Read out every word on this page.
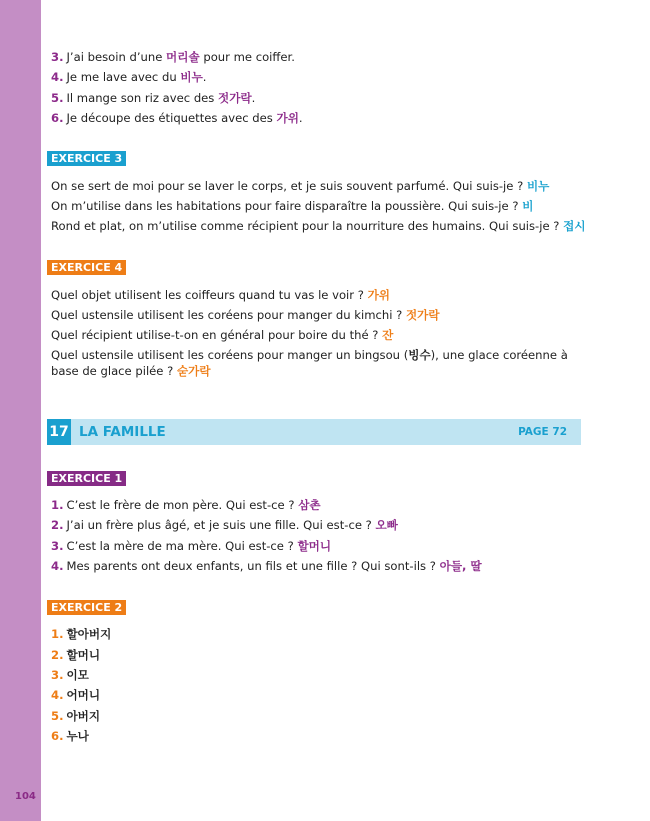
104
3. J’ai besoin d’une 머리솔 pour me coiffer.
4. Je me lave avec du 비누.
5. Il mange son riz avec des 젓가락.
6. Je découpe des étiquettes avec des 가위.
EXERCICE 3
On se sert de moi pour se laver le corps, et je suis souvent parfumé. Qui suis-je ? 비누
On m’utilise dans les habitations pour faire disparaître la poussière. Qui suis-je ? 비
Rond et plat, on m’utilise comme récipient pour la nourriture des humains. Qui suis-je ? 접시
EXERCICE 4
Quel objet utilisent les coiffeurs quand tu vas le voir ? 가위
Quel ustensile utilisent les coréens pour manger du kimchi ? 젓가락
Quel récipient utilise-t-on en général pour boire du thé ? 잔
Quel ustensile utilisent les coréens pour manger un bingsou (빙수), une glace coréenne à base de glace pilée ? 숟가락
17 LA FAMILLE	PAGE 72
EXERCICE 1
1. C’est le frère de mon père. Qui est-ce ? 삼촌
2. J’ai un frère plus âgé, et je suis une fille. Qui est-ce ? 오빠
3. C’est la mère de ma mère. Qui est-ce ? 할머니
4. Mes parents ont deux enfants, un fils et une fille ? Qui sont-ils ? 아들, 딸
EXERCICE 2
1. 할아버지
2. 할머니
3. 이모
4. 어머니
5. 아버지
6. 누나
